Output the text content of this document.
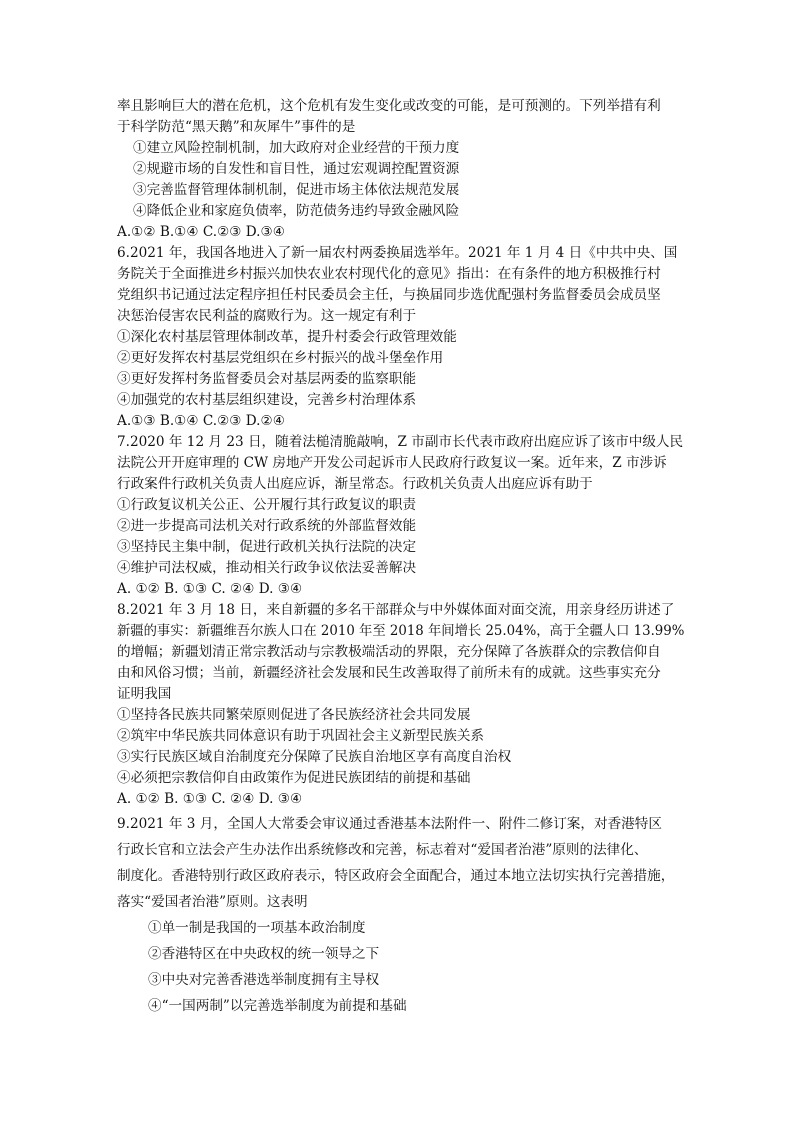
率且影响巨大的潜在危机，这个危机有发生变化或改变的可能，是可预测的。下列举措有利
于科学防范“黑天鹅”和灰犀牛”事件的是
①建立风险控制机制，加大政府对企业经营的干预力度
②规避市场的自发性和盲目性，通过宏观调控配置资源
③完善监督管理体制机制，促进市场主体依法规范发展
④降低企业和家庭负债率，防范债务违约导致金融风险
A.①② B.①④ C.②③ D.③④
6.2021 年，我国各地进入了新一届农村两委换届选举年。2021 年 1 月 4 日《中共中央、国
务院关于全面推进乡村振兴加快农业农村现代化的意见》指出：在有条件的地方积极推行村
党组织书记通过法定程序担任村民委员会主任，与换届同步选优配强村务监督委员会成员坚
决惩治侵害农民利益的腐败行为。这一规定有利于
①深化农村基层管理体制改革，提升村委会行政管理效能
②更好发挥农村基层党组织在乡村振兴的战斗堡垒作用
③更好发挥村务监督委员会对基层两委的监察职能
④加强党的农村基层组织建设，完善乡村治理体系
A.①③ B.①④ C.②③ D.②④
7.2020 年 12 月 23 日，随着法槌清脆敲响，Z 市副市长代表市政府出庭应诉了该市中级人民
法院公开开庭审理的 CW 房地产开发公司起诉市人民政府行政复议一案。近年来，Z 市涉诉
行政案件行政机关负责人出庭应诉，渐呈常态。行政机关负责人出庭应诉有助于
①行政复议机关公正、公开履行其行政复议的职责
②进一步提高司法机关对行政系统的外部监督效能
③坚持民主集中制，促进行政机关执行法院的决定
④维护司法权威，推动相关行政争议依法妥善解决
A. ①② B. ①③ C. ②④ D. ③④
8.2021 年 3 月 18 日，来自新疆的多名干部群众与中外媒体面对面交流，用亲身经历讲述了
新疆的事实：新疆维吾尔族人口在 2010 年至 2018 年间增长 25.04%，高于全疆人口 13.99%
的增幅；新疆划清正常宗教活动与宗教极端活动的界限，充分保障了各族群众的宗教信仰自
由和风俗习惯；当前，新疆经济社会发展和民生改善取得了前所未有的成就。这些事实充分
证明我国
①坚持各民族共同繁荣原则促进了各民族经济社会共同发展
②筑牢中华民族共同体意识有助于巩固社会主义新型民族关系
③实行民族区域自治制度充分保障了民族自治地区享有高度自治权
④必须把宗教信仰自由政策作为促进民族团结的前提和基础
A. ①② B. ①③ C. ②④ D. ③④
9.2021 年 3 月，全国人大常委会审议通过香港基本法附件一、附件二修订案，对香港特区
行政长官和立法会产生办法作出系统修改和完善，标志着对“爱国者治港”原则的法律化、
制度化。香港特别行政区政府表示，特区政府会全面配合，通过本地立法切实执行完善措施，
落实“爱国者治港”原则。这表明
①单一制是我国的一项基本政治制度
②香港特区在中央政权的统一领导之下
③中央对完善香港选举制度拥有主导权
④“一国两制”以完善选举制度为前提和基础
